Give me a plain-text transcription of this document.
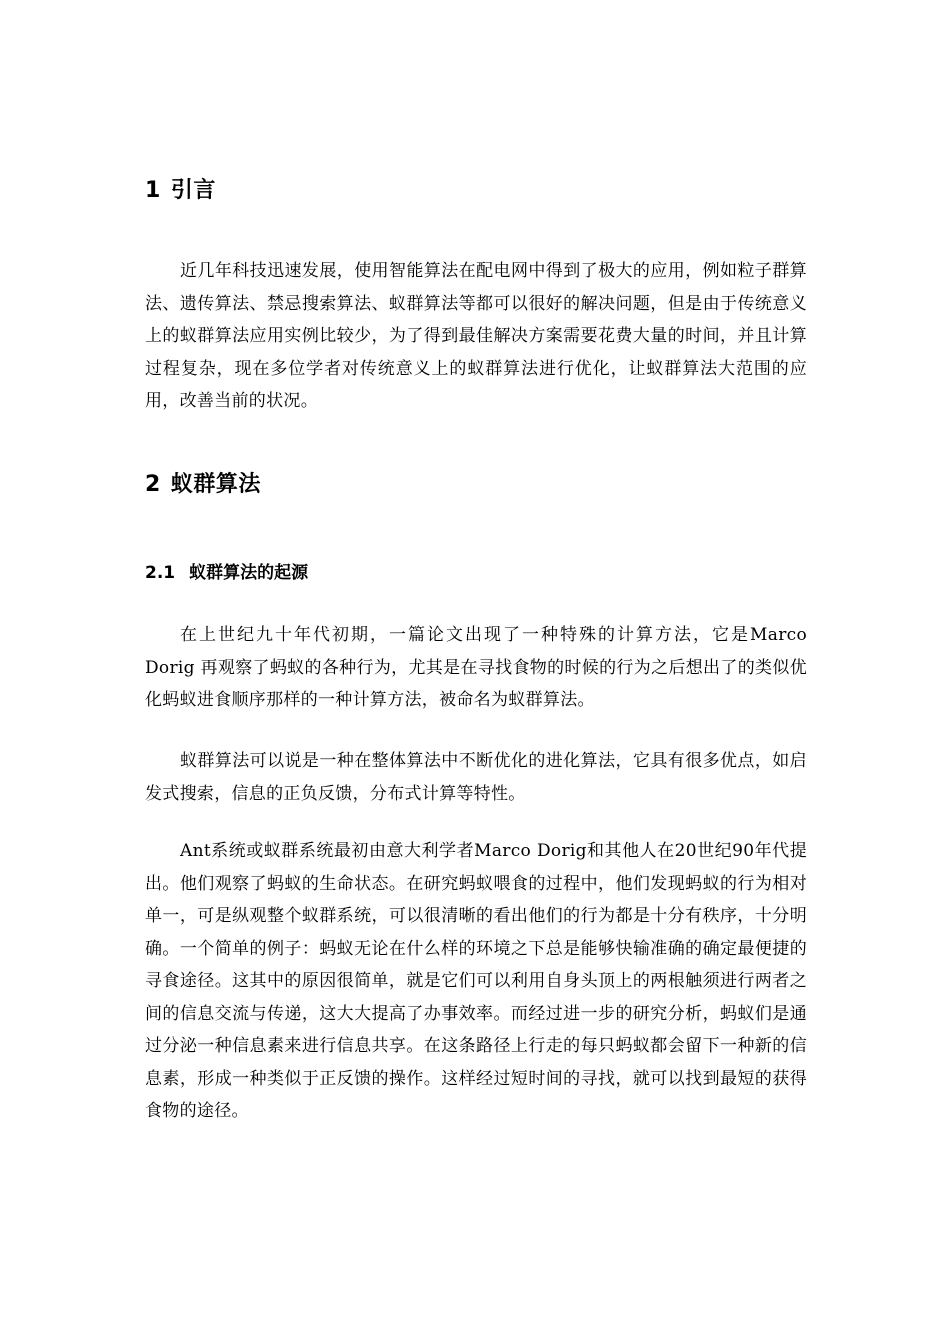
1 引言

近几年科技迅速发展，使用智能算法在配电网中得到了极大的应用，例如粒子群算法、遗传算法、禁忌搜索算法、蚁群算法等都可以很好的解决问题，但是由于传统意义上的蚁群算法应用实例比较少，为了得到最佳解决方案需要花费大量的时间，并且计算过程复杂，现在多位学者对传统意义上的蚁群算法进行优化，让蚁群算法大范围的应用，改善当前的状况。

2 蚁群算法
2.1 蚁群算法的起源

在上世纪九十年代初期，一篇论文出现了一种特殊的计算方法，它是Marco Dorig 再观察了蚂蚁的各种行为，尤其是在寻找食物的时候的行为之后想出了的类似优化蚂蚁进食顺序那样的一种计算方法，被命名为蚁群算法。

蚁群算法可以说是一种在整体算法中不断优化的进化算法，它具有很多优点，如启发式搜索，信息的正负反馈，分布式计算等特性。

Ant系统或蚁群系统最初由意大利学者Marco Dorig和其他人在20世纪90年代提出。他们观察了蚂蚁的生命状态。在研究蚂蚁喂食的过程中，他们发现蚂蚁的行为相对单一，可是纵观整个蚁群系统，可以很清晰的看出他们的行为都是十分有秩序，十分明确。一个简单的例子：蚂蚁无论在什么样的环境之下总是能够快输准确的确定最便捷的寻食途径。这其中的原因很简单，就是它们可以利用自身头顶上的两根触须进行两者之间的信息交流与传递，这大大提高了办事效率。而经过进一步的研究分析，蚂蚁们是通过分泌一种信息素来进行信息共享。在这条路径上行走的每只蚂蚁都会留下一种新的信息素，形成一种类似于正反馈的操作。这样经过短时间的寻找，就可以找到最短的获得食物的途径。
